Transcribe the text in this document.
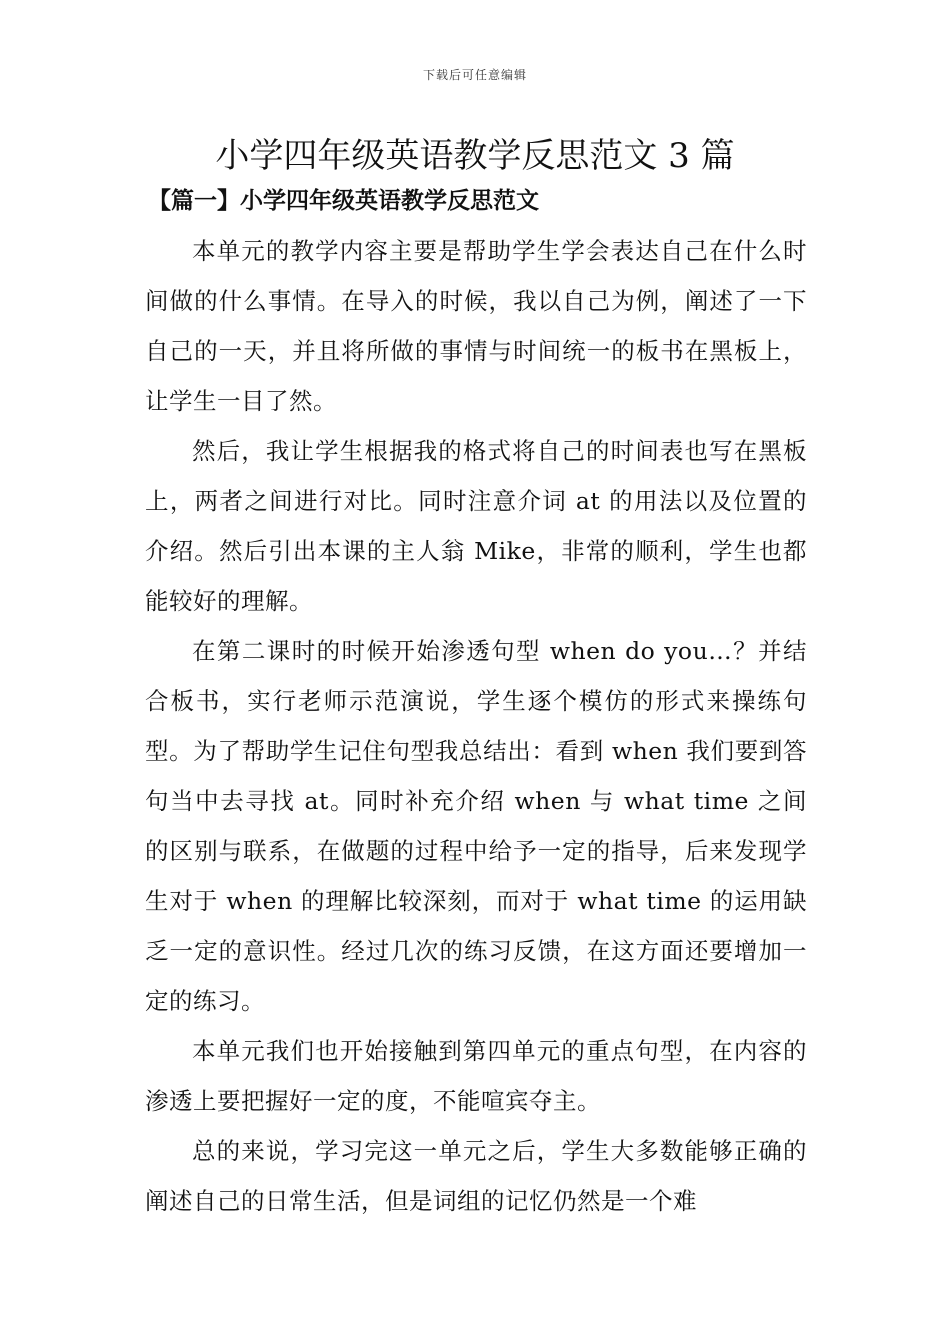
下载后可任意编辑
小学四年级英语教学反思范文 3 篇
【篇一】小学四年级英语教学反思范文

本单元的教学内容主要是帮助学生学会表达自己在什么时间做的什么事情。在导入的时候，我以自己为例，阐述了一下自己的一天，并且将所做的事情与时间统一的板书在黑板上，让学生一目了然。

然后，我让学生根据我的格式将自己的时间表也写在黑板上，两者之间进行对比。同时注意介词 at 的用法以及位置的介绍。然后引出本课的主人翁 Mike，非常的顺利，学生也都能较好的理解。

在第二课时的时候开始渗透句型 when do you…？并结合板书，实行老师示范演说，学生逐个模仿的形式来操练句型。为了帮助学生记住句型我总结出：看到 when 我们要到答句当中去寻找 at。同时补充介绍 when 与 what time 之间的区别与联系，在做题的过程中给予一定的指导，后来发现学生对于 when 的理解比较深刻，而对于 what time 的运用缺乏一定的意识性。经过几次的练习反馈，在这方面还要增加一定的练习。

本单元我们也开始接触到第四单元的重点句型，在内容的渗透上要把握好一定的度，不能喧宾夺主。

总的来说，学习完这一单元之后，学生大多数能够正确的阐述自己的日常生活，但是词组的记忆仍然是一个难
